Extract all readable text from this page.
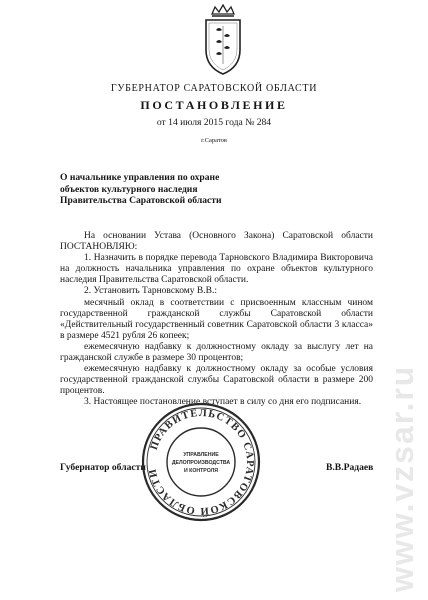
ГУБЕРНАТОР САРАТОВСКОЙ ОБЛАСТИ
ПОСТАНОВЛЕНИЕ
от 14 июля 2015 года № 284
г.Саратов
О начальнике управления по охране
объектов культурного наследия
Правительства Саратовской области

На основании Устава (Основного Закона) Саратовской области ПОСТАНОВЛЯЮ:

1. Назначить в порядке перевода Тарновского Владимира Викторовича на должность начальника управления по охране объектов культурного наследия Правительства Саратовской области.

2. Установить Тарновскому В.В.:

месячный оклад в соответствии с присвоенным классным чином государственной гражданской службы Саратовской области «Действительный государственный советник Саратовской области 3 класса» в размере 4521 рубля 26 копеек;

ежемесячную надбавку к должностному окладу за выслугу лет на гражданской службе в размере 30 процентов;

ежемесячную надбавку к должностному окладу за особые условия государственной гражданской службы Саратовской области в размере 200 процентов.

3. Настоящее постановление вступает в силу со дня его подписания.

Губернатор области	В.В.Радаев
ПРАВИТЕЛЬСТВО САРАТОВСКОЙ ОБЛАСТИ
УПРАВЛЕНИЕ
ДЕЛОПРОИЗВОДСТВА
И КОНТРОЛЯ	www.vzsar.ru
